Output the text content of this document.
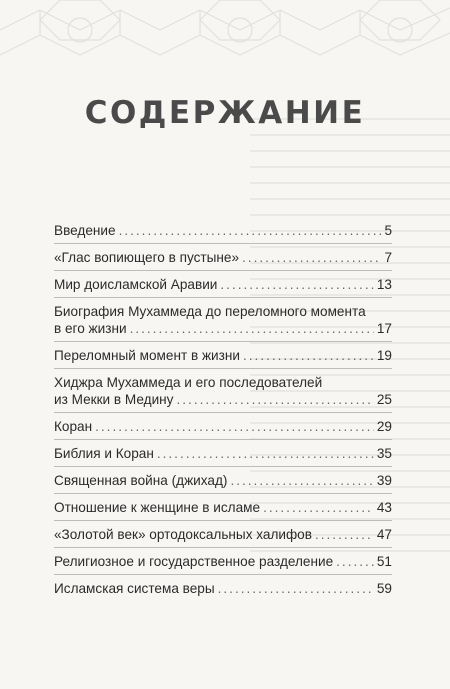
СОДЕРЖАНИЕ
Введение .....	5
«Глас вопиющего в пустыне» .....	7
Мир доисламской Аравии .....	13
Биография Мухаммеда до переломного момента
в его жизни .....	17
Переломный момент в жизни .....	19
Хиджра Мухаммеда и его последователей
из Мекки в Медину .....	25
Коран .....	29
Библия и Коран .....	35
Священная война (джихад) .....	39
Отношение к женщине в исламе .....	43
«Золотой век» ортодоксальных халифов .....	47
Религиозное и государственное разделение .....	51
Исламская система веры .....	59
